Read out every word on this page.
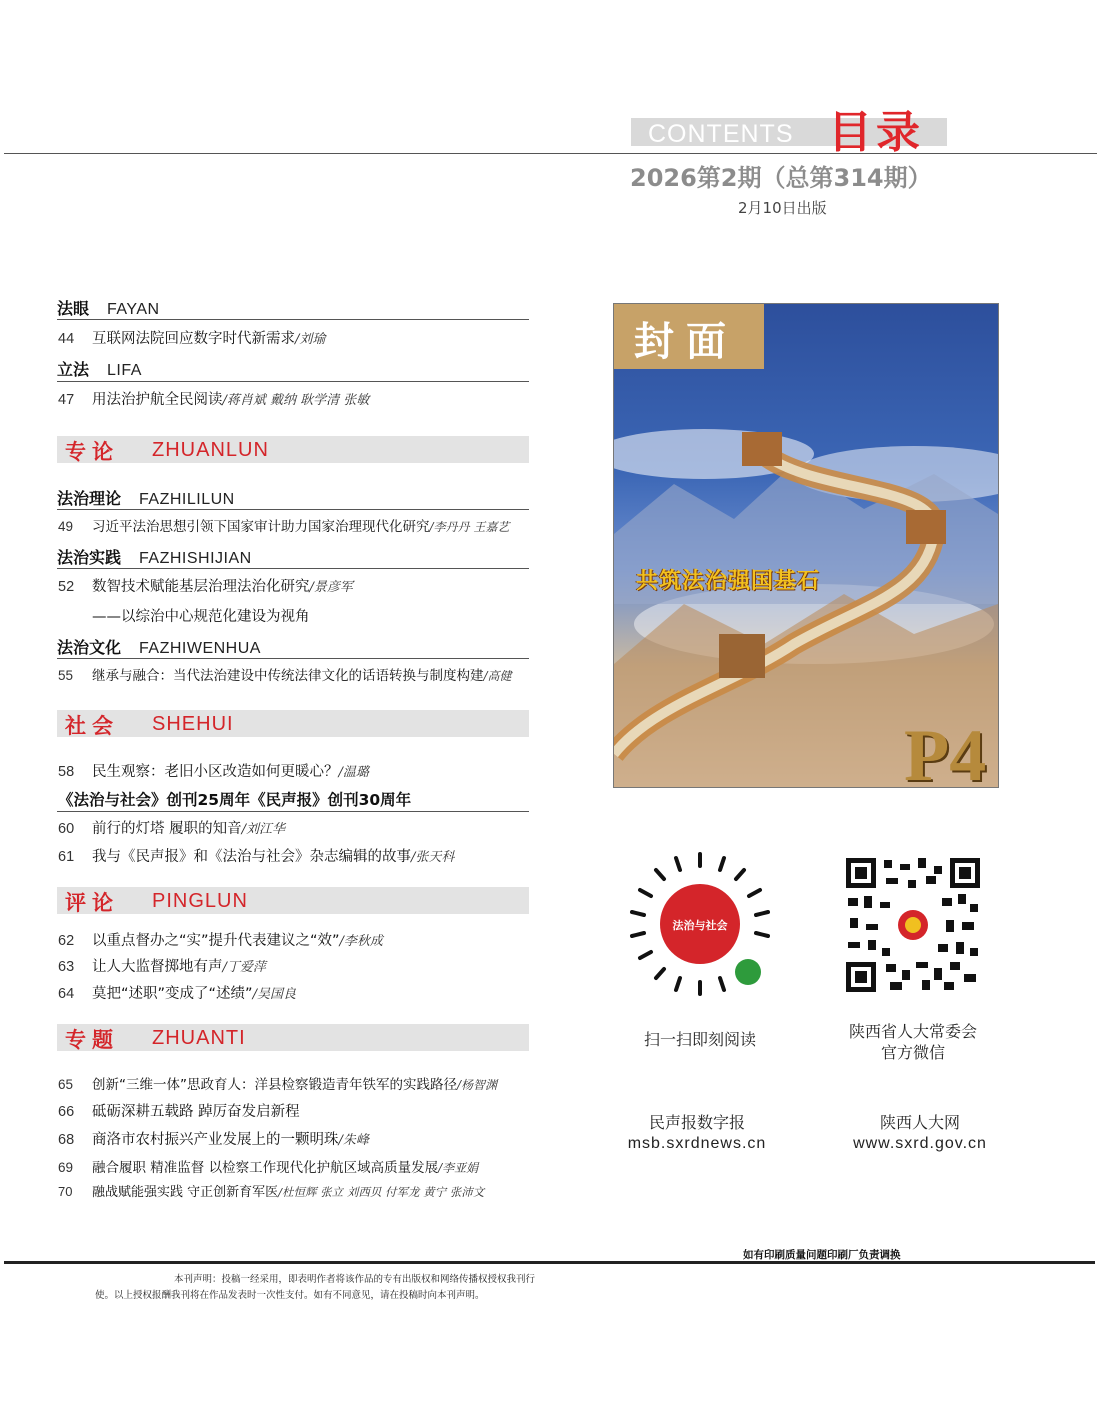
CONTENTS 目录
2026第2期（总第314期）
2月10日出版
法眼 FAYAN
44 互联网法院回应数字时代新需求/刘瑜
立法 LIFA
47 用法治护航全民阅读/蒋肖斌 戴纳 耿学清 张敏
专论 ZHUANLUN
法治理论 FAZHILILUN
49 习近平法治思想引领下国家审计助力国家治理现代化研究/李丹丹 王嘉艺
法治实践 FAZHISHIJIAN
52 数智技术赋能基层治理法治化研究/景彦军
——以综治中心规范化建设为视角
法治文化 FAZHIWENHUA
55 继承与融合：当代法治建设中传统法律文化的话语转换与制度构建/高健
社会 SHEHUI
58 民生观察：老旧小区改造如何更暖心？/温璐
《法治与社会》创刊25周年《民声报》创刊30周年
60 前行的灯塔 履职的知音/刘江华
61 我与《民声报》和《法治与社会》杂志编辑的故事/张天科
评论 PINGLUN
62 以重点督办之“实”提升代表建议之“效”/李秋成
63 让人大监督掷地有声/丁爱萍
64 莫把“述职”变成了“述绩”/吴国良
专题 ZHUANTI
65 创新“三维一体”思政育人：洋县检察锻造青年铁军的实践路径/杨智渊
66 砥砺深耕五载路 踔厉奋发启新程
68 商洛市农村振兴产业发展上的一颗明珠/朱峰
69 融合履职 精准监督 以检察工作现代化护航区域高质量发展/李亚娟
70 融战赋能强实践 守正创新育军医/杜恒辉 张立 刘西贝 付军龙 黄宁 张沛文
封面
共筑法治强国基石
P4
法治与社会
扫一扫即刻阅读	陕西省人大常委会
官方微信
民声报数字报
msb.sxrdnews.cn
陕西人大网
www.sxrd.gov.cn
如有印刷质量问题印刷厂负责调换
本刊声明：投稿一经采用，即表明作者将该作品的专有出版权和网络传播权授权我刊行
使。以上授权报酬我刊将在作品发表时一次性支付。如有不同意见，请在投稿时向本刊声明。
